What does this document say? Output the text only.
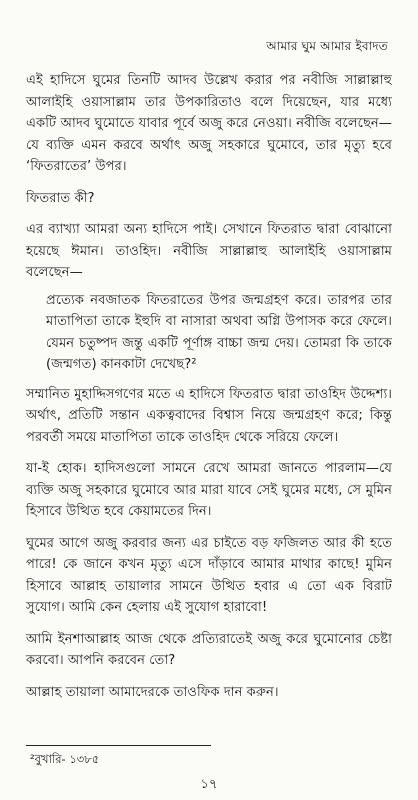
আমার ঘুম আমার ইবাদত

এই হাদিসে ঘুমের তিনটি আদব উল্লেখ করার পর নবীজি সাল্লাল্লাহু আলাইহি ওয়াসাল্লাম তার উপকারিতাও বলে দিয়েছেন, যার মধ্যে একটি আদব ঘুমোতে যাবার পূর্বে অজু করে নেওয়া। নবীজি বলেছেন—যে ব্যক্তি এমন করবে অর্থাৎ অজু সহকারে ঘুমোবে, তার মৃত্যু হবে ‘ফিতরাতের’ উপর।

ফিতরাত কী?

এর ব্যাখ্যা আমরা অন্য হাদিসে পাই। সেখানে ফিতরাত দ্বারা বোঝানো হয়েছে ঈমান। তাওহিদ। নবীজি সাল্লাল্লাহু আলাইহি ওয়াসাল্লাম বলেছেন—

প্রত্যেক নবজাতক ফিতরাতের উপর জন্মগ্রহণ করে। তারপর তার মাতাপিতা তাকে ইহুদি বা নাসারা অথবা অগ্নি উপাসক করে ফেলে। যেমন চতুষ্পদ জন্তু একটি পূর্ণাঙ্গ বাচ্চা জন্ম দেয়। তোমরা কি তাকে (জন্মগত) কানকাটা দেখেছ?²

সম্মানিত মুহাদ্দিসগণের মতে এ হাদিসে ফিতরাত দ্বারা তাওহিদ উদ্দেশ্য। অর্থাৎ, প্রতিটি সন্তান একত্ববাদের বিশ্বাস নিয়ে জন্মগ্রহণ করে; কিন্তু পরবর্তী সময়ে মাতাপিতা তাকে তাওহিদ থেকে সরিয়ে ফেলে।

যা-ই হোক। হাদিসগুলো সামনে রেখে আমরা জানতে পারলাম—যে ব্যক্তি অজু সহকারে ঘুমোবে আর মারা যাবে সেই ঘুমের মধ্যে, সে মুমিন হিসাবে উত্থিত হবে কেয়ামতের দিন।

ঘুমের আগে অজু করবার জন্য এর চাইতে বড় ফজিলত আর কী হতে পারে! কে জানে কখন মৃত্যু এসে দাঁড়াবে আমার মাথার কাছে! মুমিন হিসাবে আল্লাহ তায়ালার সামনে উত্থিত হবার এ তো এক বিরাট সুযোগ। আমি কেন হেলায় এই সুযোগ হারাবো!

আমি ইনশাআল্লাহ আজ থেকে প্রত্যিরাতেই অজু করে ঘুমোনোর চেষ্টা করবো। আপনি করবেন তো?

আল্লাহ তায়ালা আমাদেরকে তাওফিক দান করুন।

²বুখারি- ১৩৮৫
১৭
